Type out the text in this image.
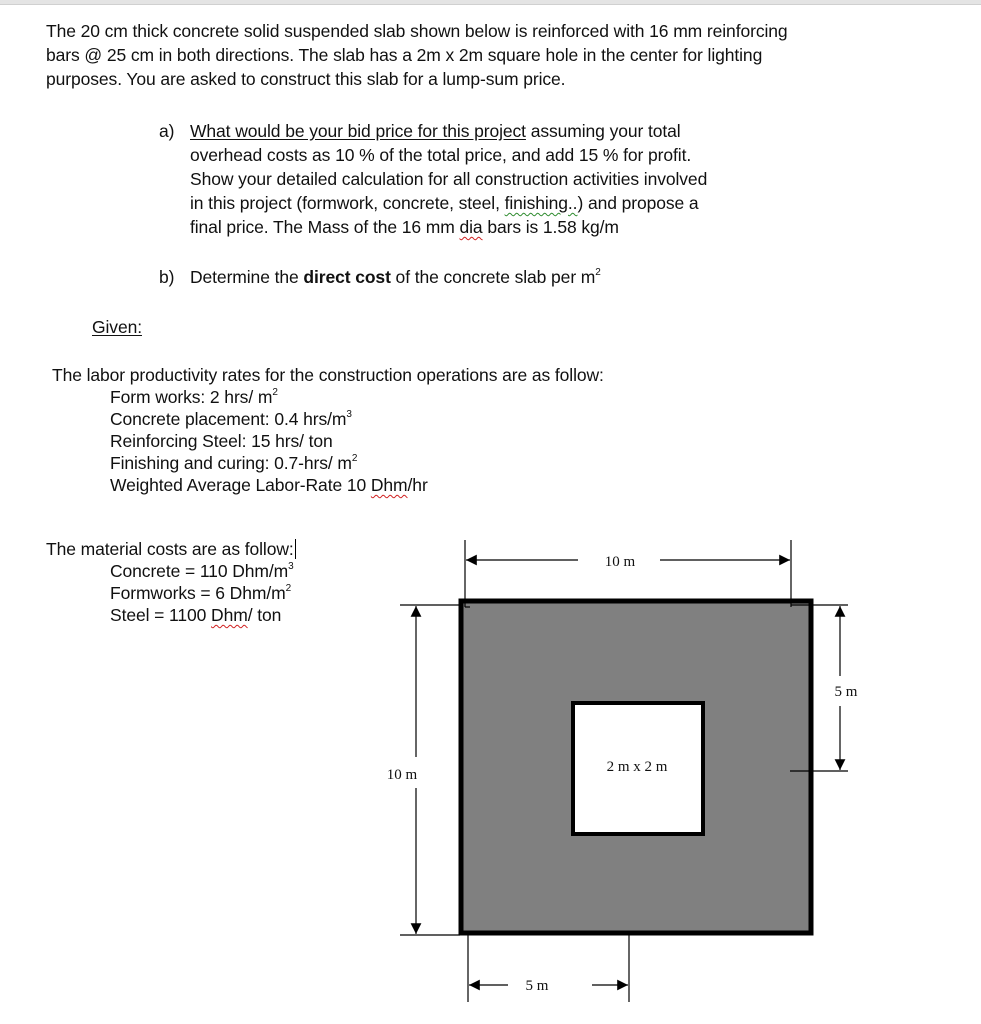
The 20 cm thick concrete solid suspended slab shown below is reinforced with 16 mm reinforcing
bars @ 25 cm in both directions. The slab has a 2m x 2m square hole in the center for lighting
purposes. You are asked to construct this slab for a lump-sum price.
a) What would be your bid price for this project assuming your total
overhead costs as 10 % of the total price, and add 15 % for profit.
Show your detailed calculation for all construction activities involved
in this project (formwork, concrete, steel, finishing..) and propose a
final price. The Mass of the 16 mm dia bars is 1.58 kg/m
b) Determine the direct cost of the concrete slab per $m^2$
Given:
The labor productivity rates for the construction operations are as follow:
Form works: 2 hrs/ $m^2$
Concrete placement: 0.4 hrs/$m^3$
Reinforcing Steel: 15 hrs/ ton
Finishing and curing: 0.7-hrs/ $m^2$
Weighted Average Labor-Rate 10 Dhm/hr
The material costs are as follow:
Concrete = 110 Dhm/$m^3$
Formworks = 6 Dhm/$m^2$
Steel = 1100 Dhm/ ton
10 m
10 m
5 m
5 m
2 m x 2 m
